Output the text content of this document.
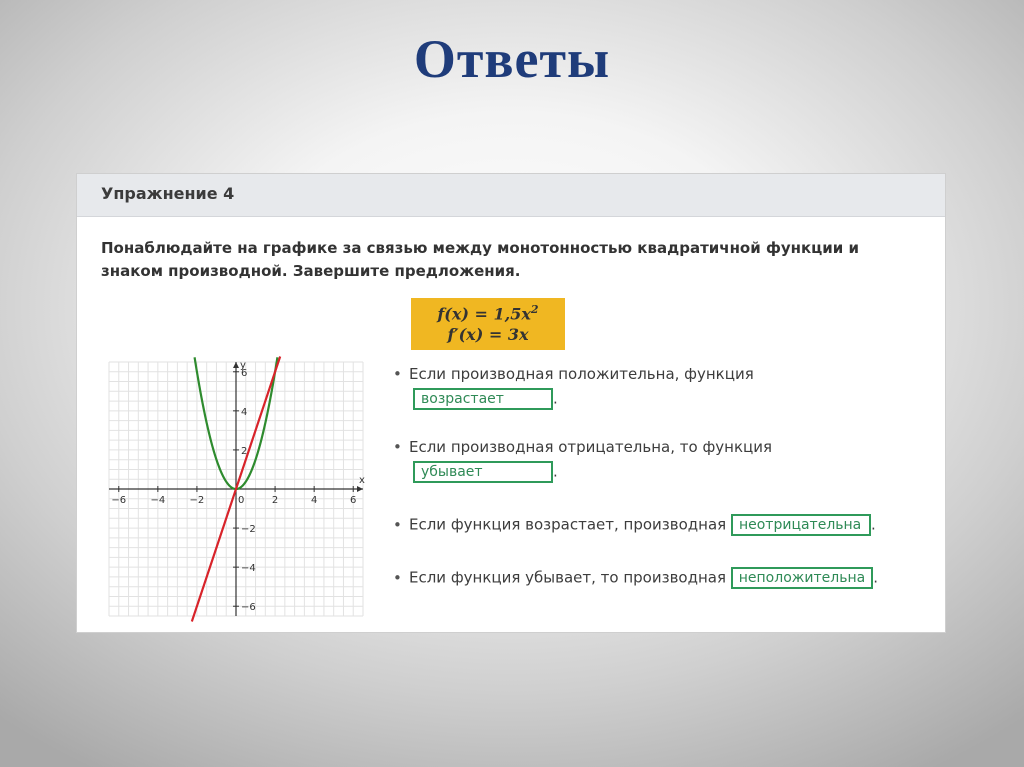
Ответы
Упражнение 4
Понаблюдайте на графике за связью между монотонностью квадратичной функции и знаком производной. Завершите предложения.
$f(x) = 1,5x^2$
f′(x) = 3x
x
y
−6 −4 −2	0	2	4	6
6
4
2
−2
−4
−6
• Если производная положительна, функция
возрастает	.
• Если производная отрицательна, то функция
убывает	.
• Если функция возрастает, производная неотрицательна .
• Если функция убывает, то производная неположительна .
